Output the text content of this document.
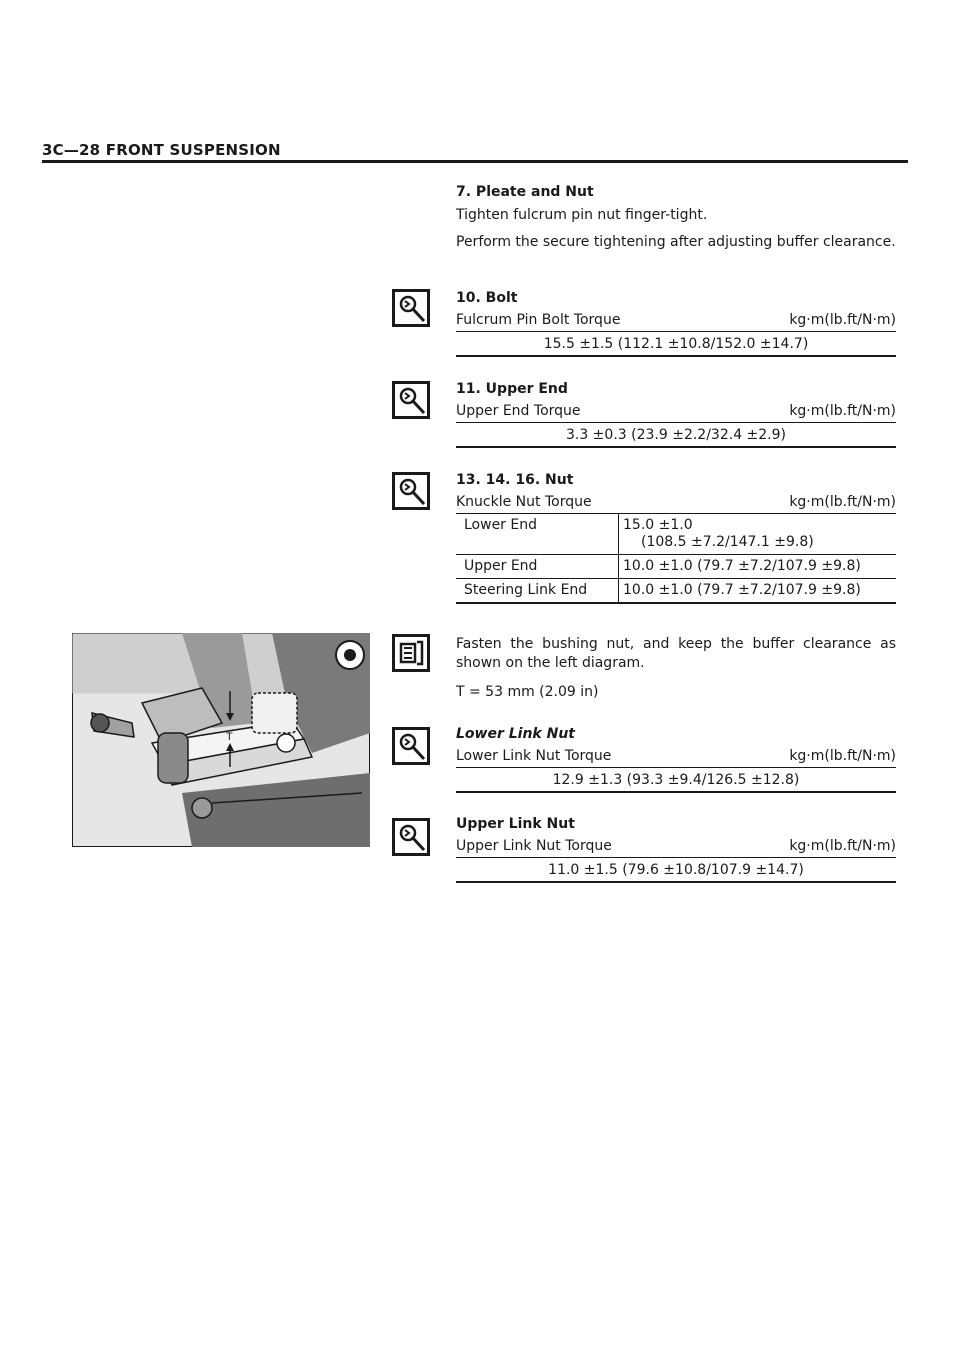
3C—28 FRONT SUSPENSION
7. Pleate and Nut
Tighten fulcrum pin nut finger-tight.
Perform the secure tightening after adjusting buffer clearance.
10. Bolt
Fulcrum Pin Bolt Torque	kg·m(lb.ft/N·m)
15.5 ±1.5 (112.1 ±10.8/152.0 ±14.7)
11. Upper End
Upper End Torque	kg·m(lb.ft/N·m)
3.3 ±0.3 (23.9 ±2.2/32.4 ±2.9)
13. 14. 16. Nut
Knuckle Nut Torque	kg·m(lb.ft/N·m)
Lower End	15.0 ±1.0
(108.5 ±7.2/147.1 ±9.8)

Upper End	10.0 ±1.0 (79.7 ±7.2/107.9 ±9.8)
Steering Link End	10.0 ±1.0 (79.7 ±7.2/107.9 ±9.8)
T
Fasten the bushing nut, and keep the buffer clearance as shown on the left diagram.
T = 53 mm (2.09 in)
Lower Link Nut
Lower Link Nut Torque	kg·m(lb.ft/N·m)
12.9 ±1.3 (93.3 ±9.4/126.5 ±12.8)
Upper Link Nut
Upper Link Nut Torque	kg·m(lb.ft/N·m)
11.0 ±1.5 (79.6 ±10.8/107.9 ±14.7)
